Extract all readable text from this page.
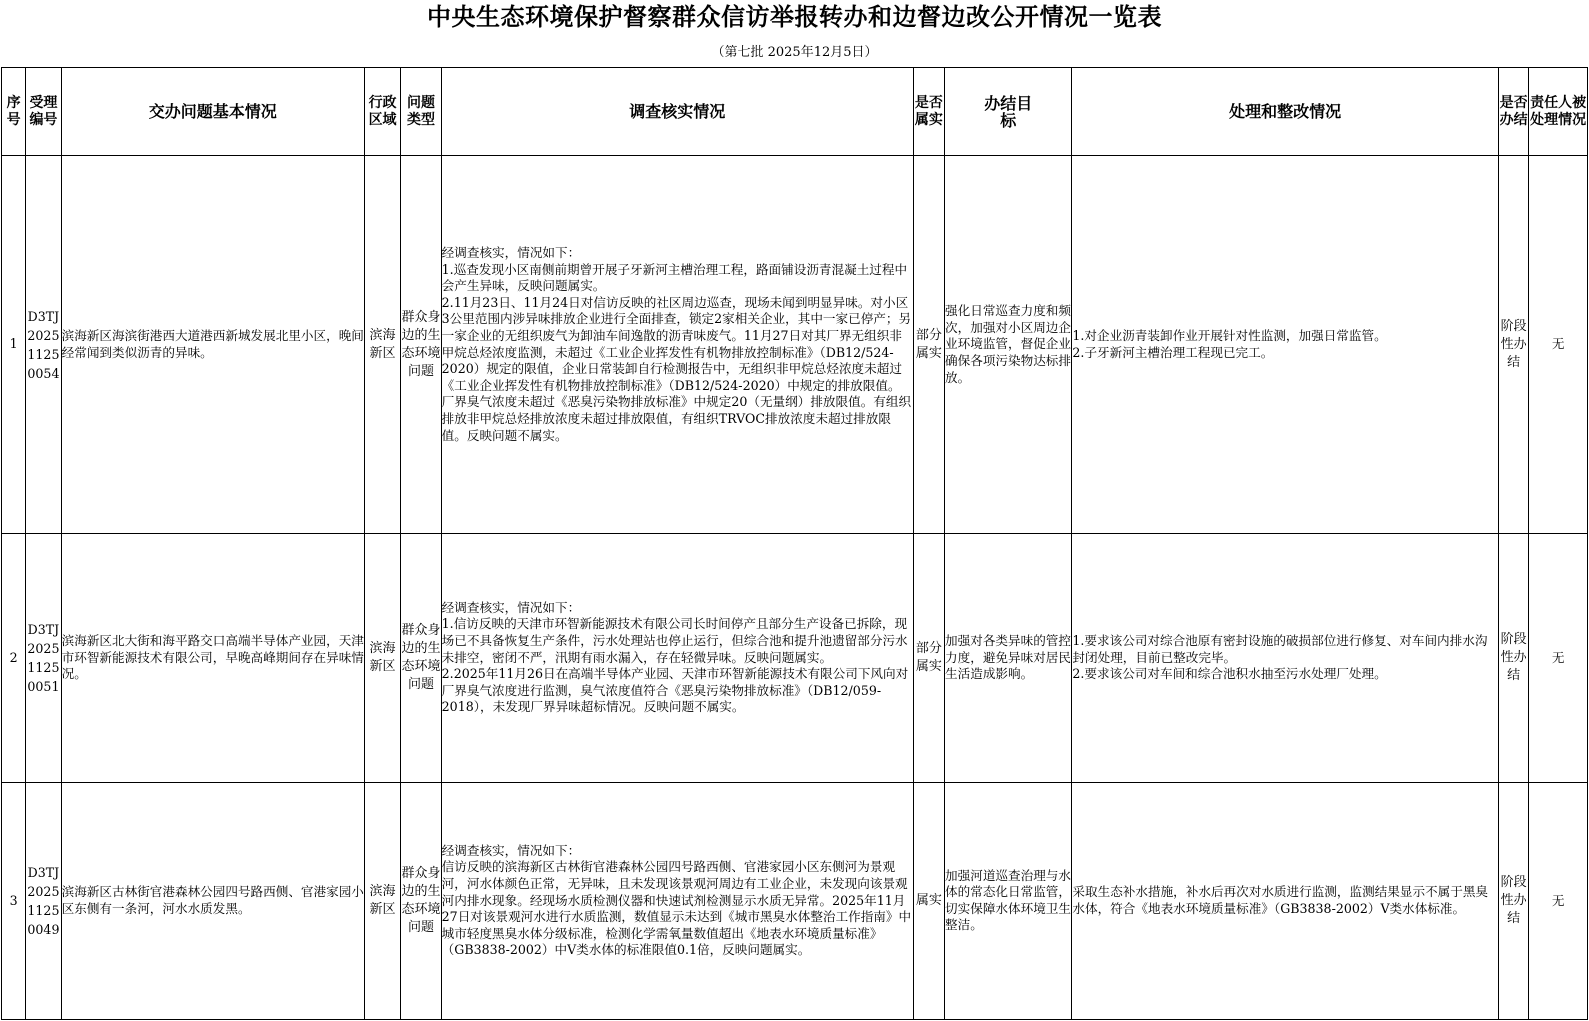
中央生态环境保护督察群众信访举报转办和边督边改公开情况一览表
（第七批 2025年12月5日）
序号	受理编号	交办问题基本情况	行政区域	问题类型	调查核实情况	是否属实	办结目标	处理和整改情况	是否办结	责任人被处理情况
1	D3TJ202511250054	滨海新区海滨街港西大道港西新城发展北里小区，晚间经常闻到类似沥青的异味。	滨海新区	群众身边的生态环境问题	经调查核实，情况如下：
1.巡查发现小区南侧前期曾开展子牙新河主槽治理工程，路面铺设沥青混凝土过程中会产生异味，反映问题属实。
2.11月23日、11月24日对信访反映的社区周边巡查，现场未闻到明显异味。对小区3公里范围内涉异味排放企业进行全面排查，锁定2家相关企业，其中一家已停产；另一家企业的无组织废气为卸油车间逸散的沥青味废气。11月27日对其厂界无组织非甲烷总烃浓度监测，未超过《工业企业挥发性有机物排放控制标准》（DB12/524-2020）规定的限值，企业日常装卸自行检测报告中，无组织非甲烷总烃浓度未超过《工业企业挥发性有机物排放控制标准》（DB12/524-2020）中规定的排放限值。厂界臭气浓度未超过《恶臭污染物排放标准》中规定20（无量纲）排放限值。有组织排放非甲烷总烃排放浓度未超过排放限值，有组织TRVOC排放浓度未超过排放限值。反映问题不属实。	部分属实	强化日常巡查力度和频次，加强对小区周边企业环境监管，督促企业确保各项污染物达标排放。	1.对企业沥青装卸作业开展针对性监测，加强日常监管。
2.子牙新河主槽治理工程现已完工。	阶段性办结	无
2	D3TJ202511250051	滨海新区北大街和海平路交口高端半导体产业园，天津市环智新能源技术有限公司，早晚高峰期间存在异味情况。	滨海新区	群众身边的生态环境问题	经调查核实，情况如下：
1.信访反映的天津市环智新能源技术有限公司长时间停产且部分生产设备已拆除，现场已不具备恢复生产条件，污水处理站也停止运行，但综合池和提升池遗留部分污水未排空，密闭不严，汛期有雨水漏入，存在轻微异味。反映问题属实。
2.2025年11月26日在高端半导体产业园、天津市环智新能源技术有限公司下风向对厂界臭气浓度进行监测，臭气浓度值符合《恶臭污染物排放标准》（DB12/059-2018），未发现厂界异味超标情况。反映问题不属实。	部分属实	加强对各类异味的管控力度，避免异味对居民生活造成影响。	1.要求该公司对综合池原有密封设施的破损部位进行修复、对车间内排水沟封闭处理，目前已整改完毕。
2.要求该公司对车间和综合池积水抽至污水处理厂处理。	阶段性办结	无
3	D3TJ202511250049	滨海新区古林街官港森林公园四号路西侧、官港家园小区东侧有一条河，河水水质发黑。	滨海新区	群众身边的生态环境问题	经调查核实，情况如下：
信访反映的滨海新区古林街官港森林公园四号路西侧、官港家园小区东侧河为景观河，河水体颜色正常，无异味，且未发现该景观河周边有工业企业，未发现向该景观河内排水现象。经现场水质检测仪器和快速试剂检测显示水质无异常。2025年11月27日对该景观河水进行水质监测，数值显示未达到《城市黑臭水体整治工作指南》中城市轻度黑臭水体分级标准，检测化学需氧量数值超出《地表水环境质量标准》（GB3838-2002）中V类水体的标准限值0.1倍，反映问题属实。	属实	加强河道巡查治理与水体的常态化日常监管，切实保障水体环境卫生整洁。	采取生态补水措施，补水后再次对水质进行监测，监测结果显示不属于黑臭水体，符合《地表水环境质量标准》（GB3838-2002）V类水体标准。	阶段性办结	无
